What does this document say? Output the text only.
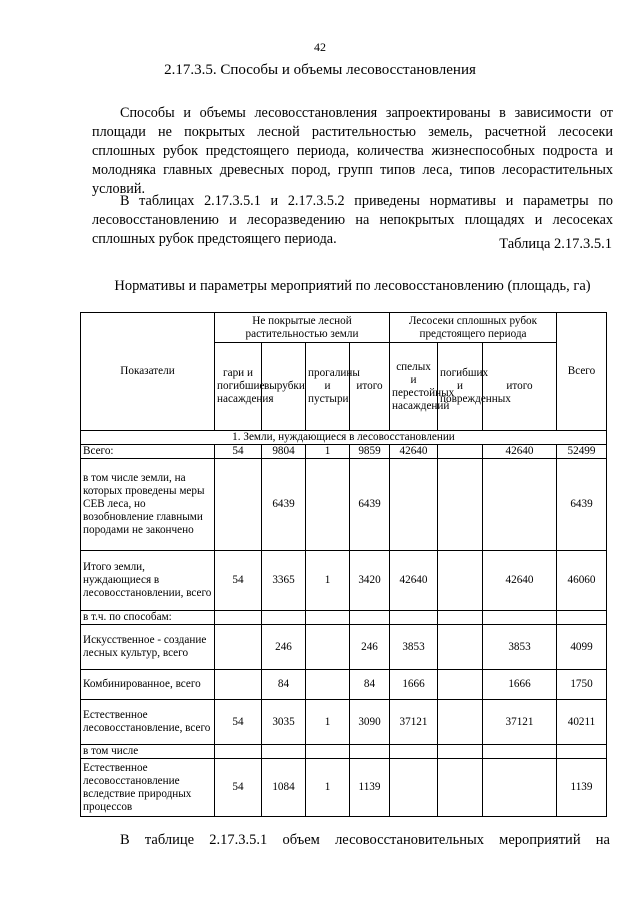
42
2.17.3.5. Способы и объемы лесовосстановления
Способы и объемы лесовосстановления запроектированы в зависимости от площади не покрытых лесной растительностью земель, расчетной лесосеки сплошных рубок предстоящего периода, количества жизнеспособных подроста и молодняка главных древесных пород, групп типов леса, типов лесорастительных условий.
В таблицах 2.17.3.5.1 и 2.17.3.5.2 приведены нормативы и параметры по лесовосстановлению и лесоразведению на непокрытых площадях и лесосеках сплошных рубок предстоящего периода.	Таблица 2.17.3.5.1
Нормативы и параметры мероприятий по лесовосстановлению (площадь, га)
Показатели	Не покрытые лесной растительностью земли				Лесосеки сплошных рубок предстоящего периода			Всего
	гари и погибшие насаждения	вырубки	прогалины и пустыри	итого	спелых и перестойных насаждений	погибших и поврежденных	итого	
1. Земли, нуждающиеся в лесовосстановлении								
Всего:	54	9804	1	9859	42640		42640	52499
в том числе земли, на которых проведены меры СЕВ леса, но возобновление главными породами не закончено		6439		6439				6439
Итого земли, нуждающиеся в лесовосстановлении, всего	54	3365	1	3420	42640		42640	46060
в т.ч. по способам:								
Искусственное - создание лесных культур, всего		246		246	3853		3853	4099
Комбинированное, всего		84		84	1666		1666	1750
Естественное лесовосстановление, всего	54	3035	1	3090	37121		37121	40211
в том числе								
Естественное лесовосстановление вследствие природных процессов	54	1084	1	1139				1139
В таблице 2.17.3.5.1 объем лесовосстановительных мероприятий на
